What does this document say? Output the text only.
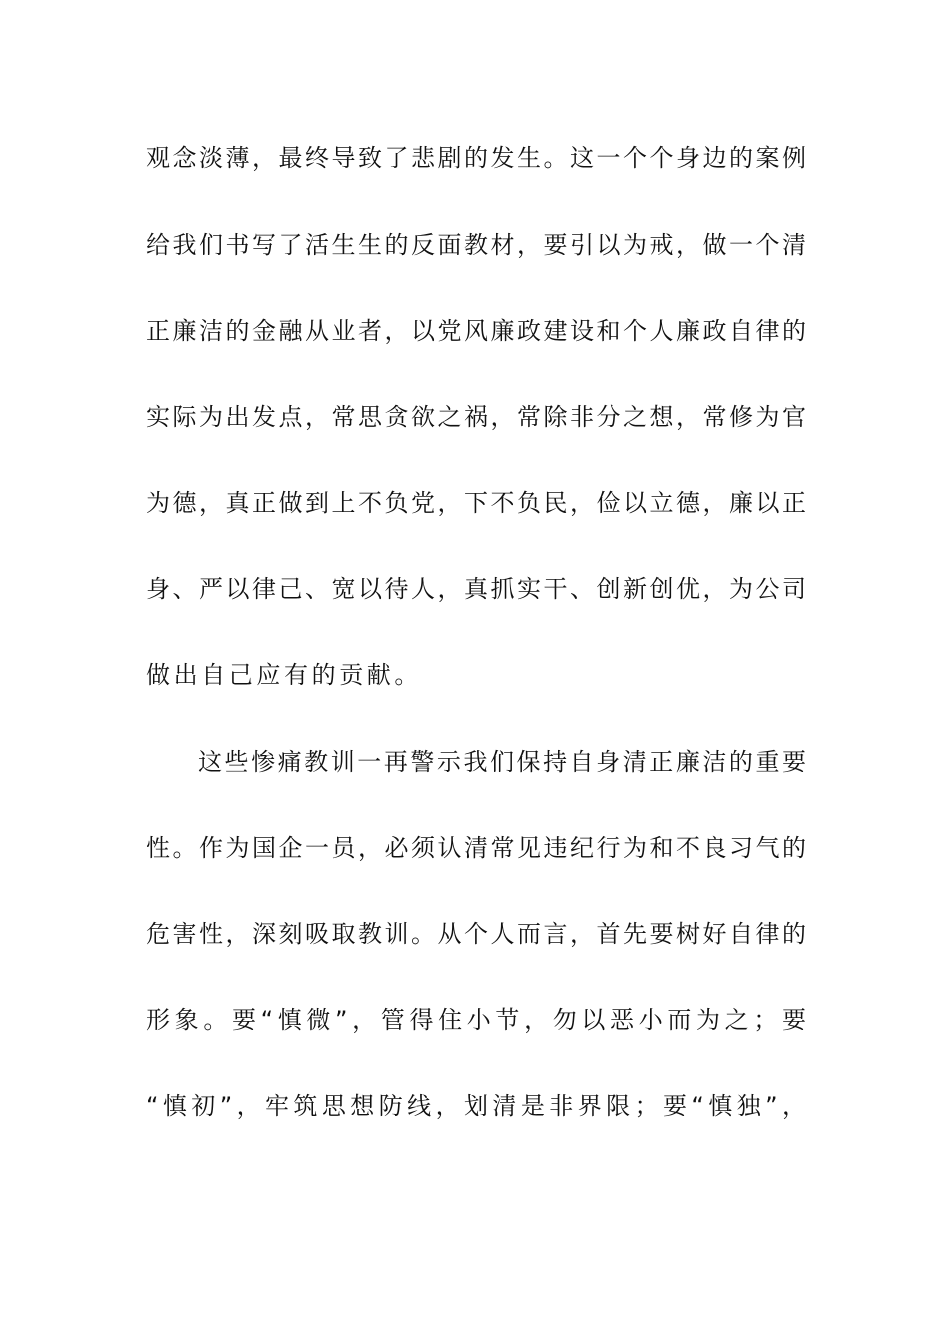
观念淡薄，最终导致了悲剧的发生。这一个个身边的案例
给我们书写了活生生的反面教材，要引以为戒，做一个清
正廉洁的金融从业者，以党风廉政建设和个人廉政自律的
实际为出发点，常思贪欲之祸，常除非分之想，常修为官
为德，真正做到上不负党，下不负民，俭以立德，廉以正
身、严以律己、宽以待人，真抓实干、创新创优，为公司
做出自己应有的贡献。
这些惨痛教训一再警示我们保持自身清正廉洁的重要
性。作为国企一员，必须认清常见违纪行为和不良习气的
危害性，深刻吸取教训。从个人而言，首先要树好自律的
形象。要“慎微”，管得住小节，勿以恶小而为之；要
“慎初”，牢筑思想防线，划清是非界限；要“慎独”，
